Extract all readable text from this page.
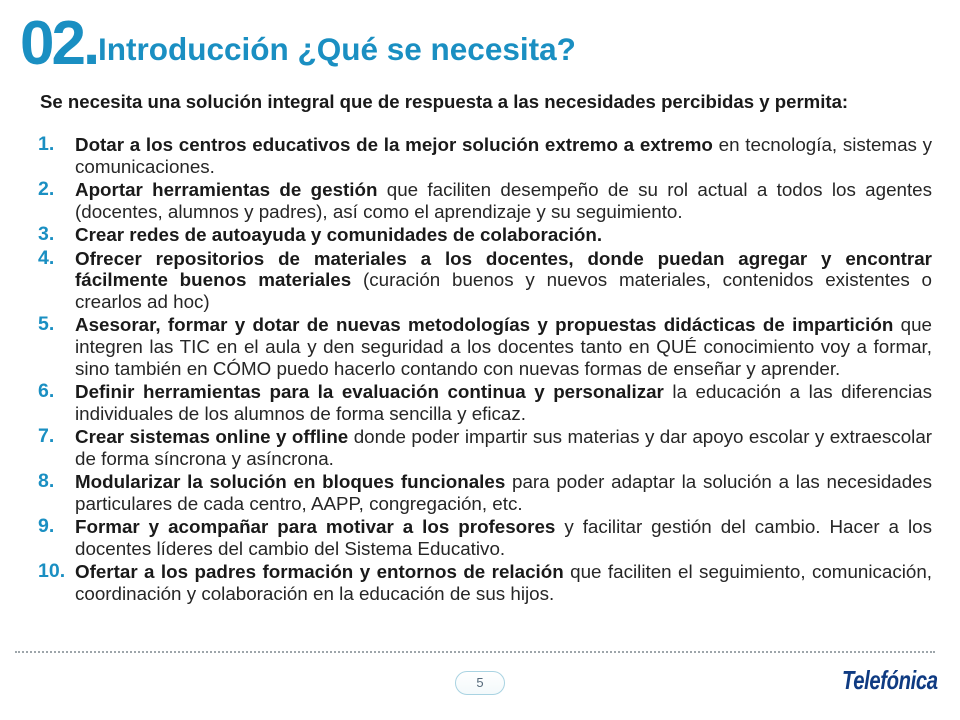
02. Introducción ¿Qué se necesita?
Se necesita una solución integral que de respuesta a las necesidades percibidas y permita:
1. Dotar a los centros educativos de la mejor solución extremo a extremo en tecnología, sistemas y comunicaciones.
2. Aportar herramientas de gestión que faciliten desempeño de su rol actual a todos los agentes (docentes, alumnos y padres), así como el aprendizaje y su seguimiento.
3. Crear redes de autoayuda y comunidades de colaboración.
4. Ofrecer repositorios de materiales a los docentes, donde puedan agregar y encontrar fácilmente buenos materiales (curación buenos y nuevos materiales, contenidos existentes o crearlos ad hoc)
5. Asesorar, formar y dotar de nuevas metodologías y propuestas didácticas de impartición que integren las TIC en el aula y den seguridad a los docentes tanto en QUÉ conocimiento voy a formar, sino también en CÓMO puedo hacerlo contando con nuevas formas de enseñar y aprender.
6. Definir herramientas para la evaluación continua y personalizar la educación a las diferencias individuales de los alumnos de forma sencilla y eficaz.
7. Crear sistemas online y offline donde poder impartir sus materias y dar apoyo escolar y extraescolar de forma síncrona y asíncrona.
8. Modularizar la solución en bloques funcionales para poder adaptar la solución a las necesidades particulares de cada centro, AAPP, congregación, etc.
9. Formar y acompañar para motivar a los profesores y facilitar gestión del cambio. Hacer a los docentes líderes del cambio del Sistema Educativo.
10. Ofertar a los padres formación y entornos de relación que faciliten el seguimiento, comunicación, coordinación y colaboración en la educación de sus hijos.
5	Telefónica
